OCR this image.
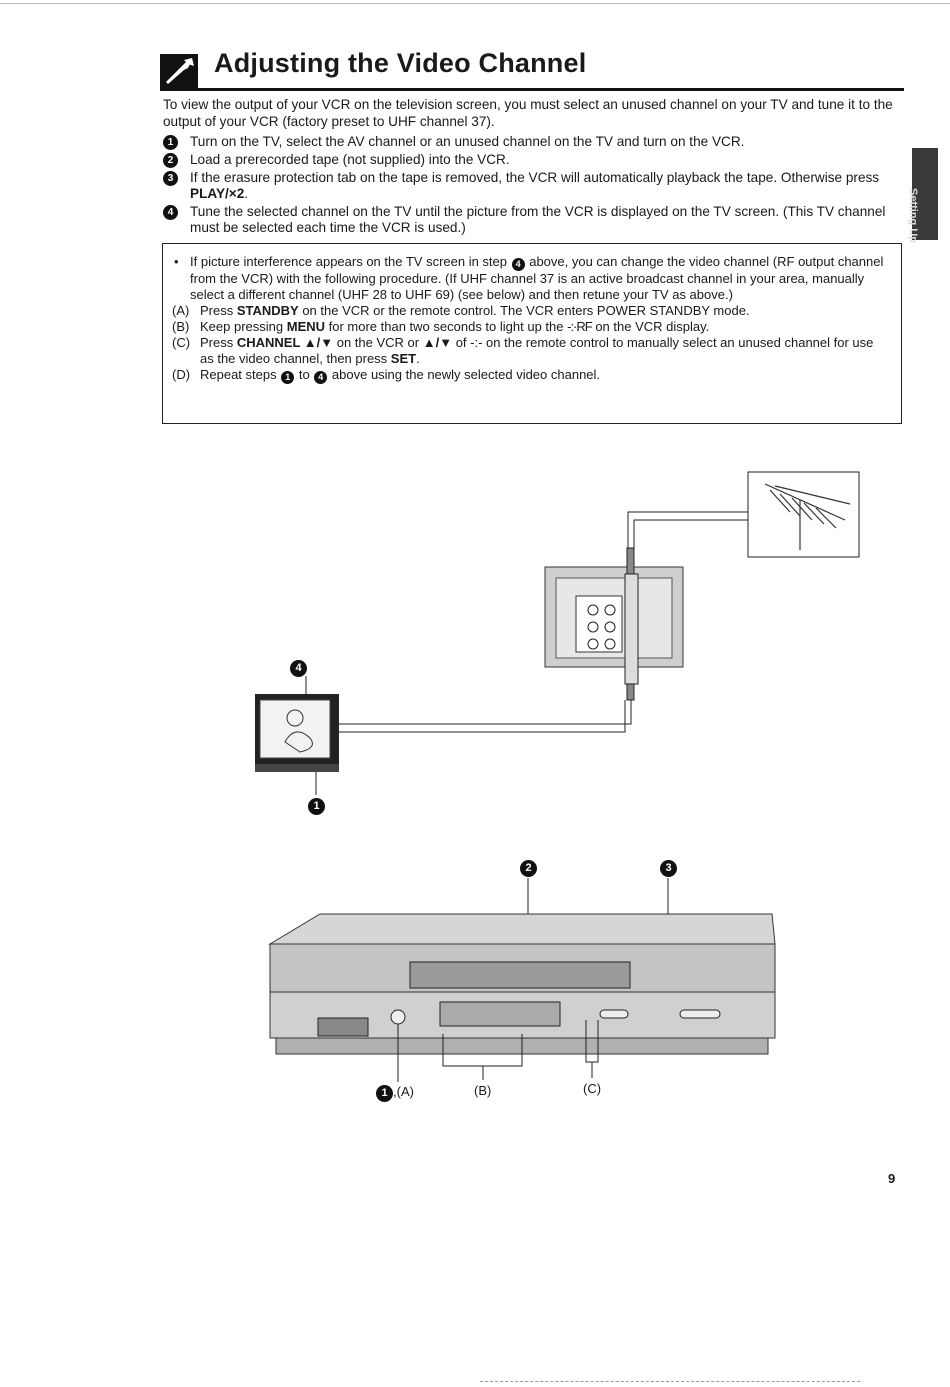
Adjusting the Video Channel
To view the output of your VCR on the television screen, you must select an unused channel on your TV and tune it to the output of your VCR (factory preset to UHF channel 37).
1	Turn on the TV, select the AV channel or an unused channel on the TV and turn on the VCR.
2	Load a prerecorded tape (not supplied) into the VCR.
3	If the erasure protection tab on the tape is removed, the VCR will automatically playback the tape. Otherwise press PLAY/×2.
4	Tune the selected channel on the TV until the picture from the VCR is displayed on the TV screen. (This TV channel must be selected each time the VCR is used.)	Setting Up
• If picture interference appears on the TV screen in step 4 above, you can change the video channel (RF output channel from the VCR) with the following procedure. (If UHF channel 37 is an active broadcast channel in your area, manually select a different channel (UHF 28 to UHF 69) (see below) and then retune your TV as above.)
(A) Press STANDBY on the VCR or the remote control. The VCR enters POWER STANDBY mode.
(B) Keep pressing MENU for more than two seconds to light up the -:·RF on the VCR display.
(C) Press CHANNEL ▲/▼ on the VCR or ▲/▼ of -:- on the remote control to manually select an unused channel for use as the video channel, then press SET.
(D) Repeat steps 1 to 4 above using the newly selected video channel.
4
1
2	3
1 ,(A)	(B)	(C)
9
